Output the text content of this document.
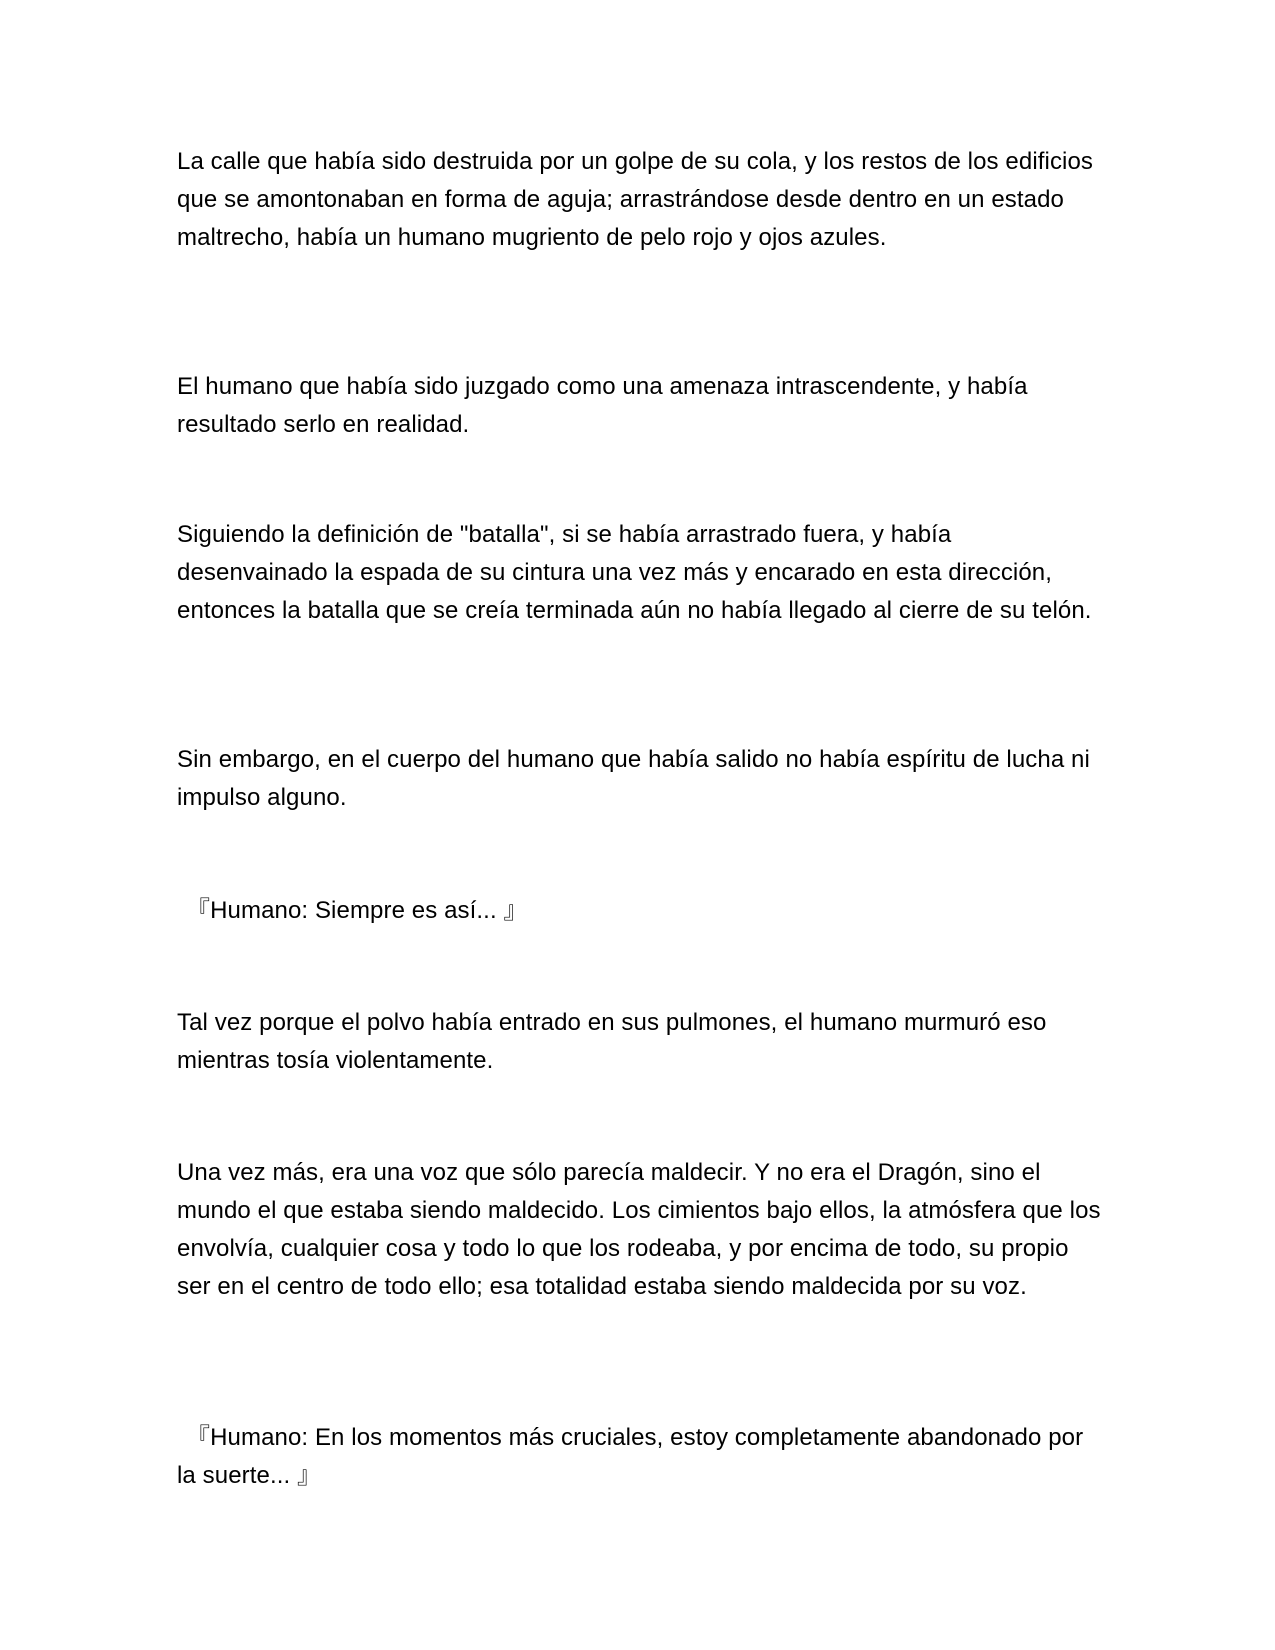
La calle que había sido destruida por un golpe de su cola, y los restos de los edificios que se amontonaban en forma de aguja; arrastrándose desde dentro en un estado maltrecho, había un humano mugriento de pelo rojo y ojos azules.

El humano que había sido juzgado como una amenaza intrascendente, y había resultado serlo en realidad.

Siguiendo la definición de "batalla", si se había arrastrado fuera, y había desenvainado la espada de su cintura una vez más y encarado en esta dirección, entonces la batalla que se creía terminada aún no había llegado al cierre de su telón.

Sin embargo, en el cuerpo del humano que había salido no había espíritu de lucha ni impulso alguno.

『Humano: Siempre es así... 』

Tal vez porque el polvo había entrado en sus pulmones, el humano murmuró eso mientras tosía violentamente.

Una vez más, era una voz que sólo parecía maldecir. Y no era el Dragón, sino el mundo el que estaba siendo maldecido. Los cimientos bajo ellos, la atmósfera que los envolvía, cualquier cosa y todo lo que los rodeaba, y por encima de todo, su propio ser en el centro de todo ello; esa totalidad estaba siendo maldecida por su voz.

『Humano: En los momentos más cruciales, estoy completamente abandonado por la suerte... 』
